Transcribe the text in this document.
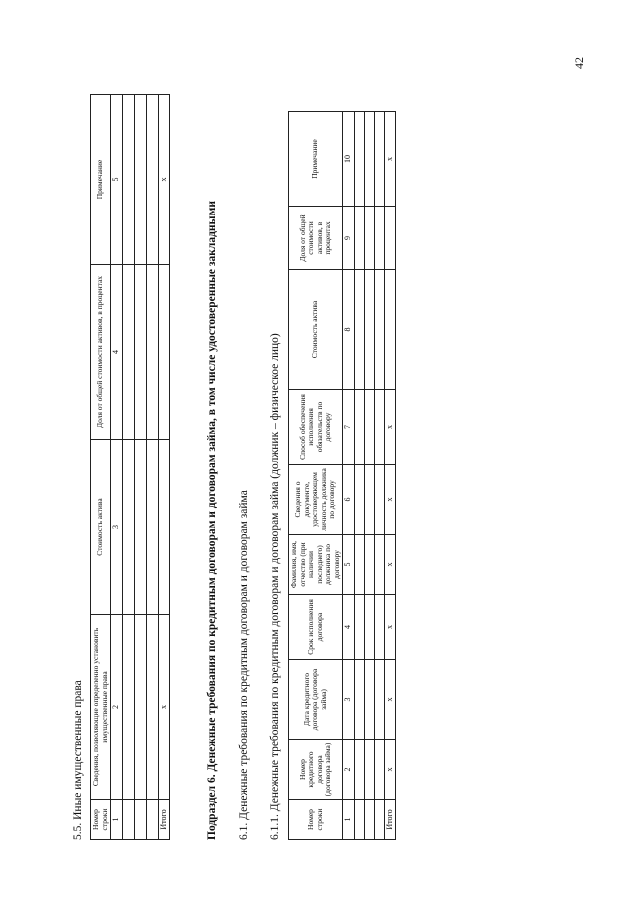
42
5.5. Иные имущественные права Номер строки	Сведения, позволяющие определенно установить имущественные права	Стоимость актива	Доля от общей стоимости активов, в процентах	Примечание
1	2	3	4	5

Итого	x			x
Подраздел 6. Денежные требования по кредитным договорам и договорам займа, в том числе удостоверенные закладными 6.1. Денежные требования по кредитным договорам и договорам займа 6.1.1. Денежные требования по кредитным договорам и договорам займа (должник – физическое лицо)	Номер строки	Номер кредитного договора (договора займа)	Дата кредитного договора (договора займа)	Срок исполнения договора	Фамилия, имя, отчество (при наличии последнего) должника по договору	Сведения о документе, удостоверяющем личность должника по договору	Способ обеспечения исполнения обязательств по договору	Стоимость актива	Доля от общей стоимости активов, в процентах	Примечание
1	2	3	4	5	6	7	8	9	10

Итого	x	x	x	x	x	x			x
